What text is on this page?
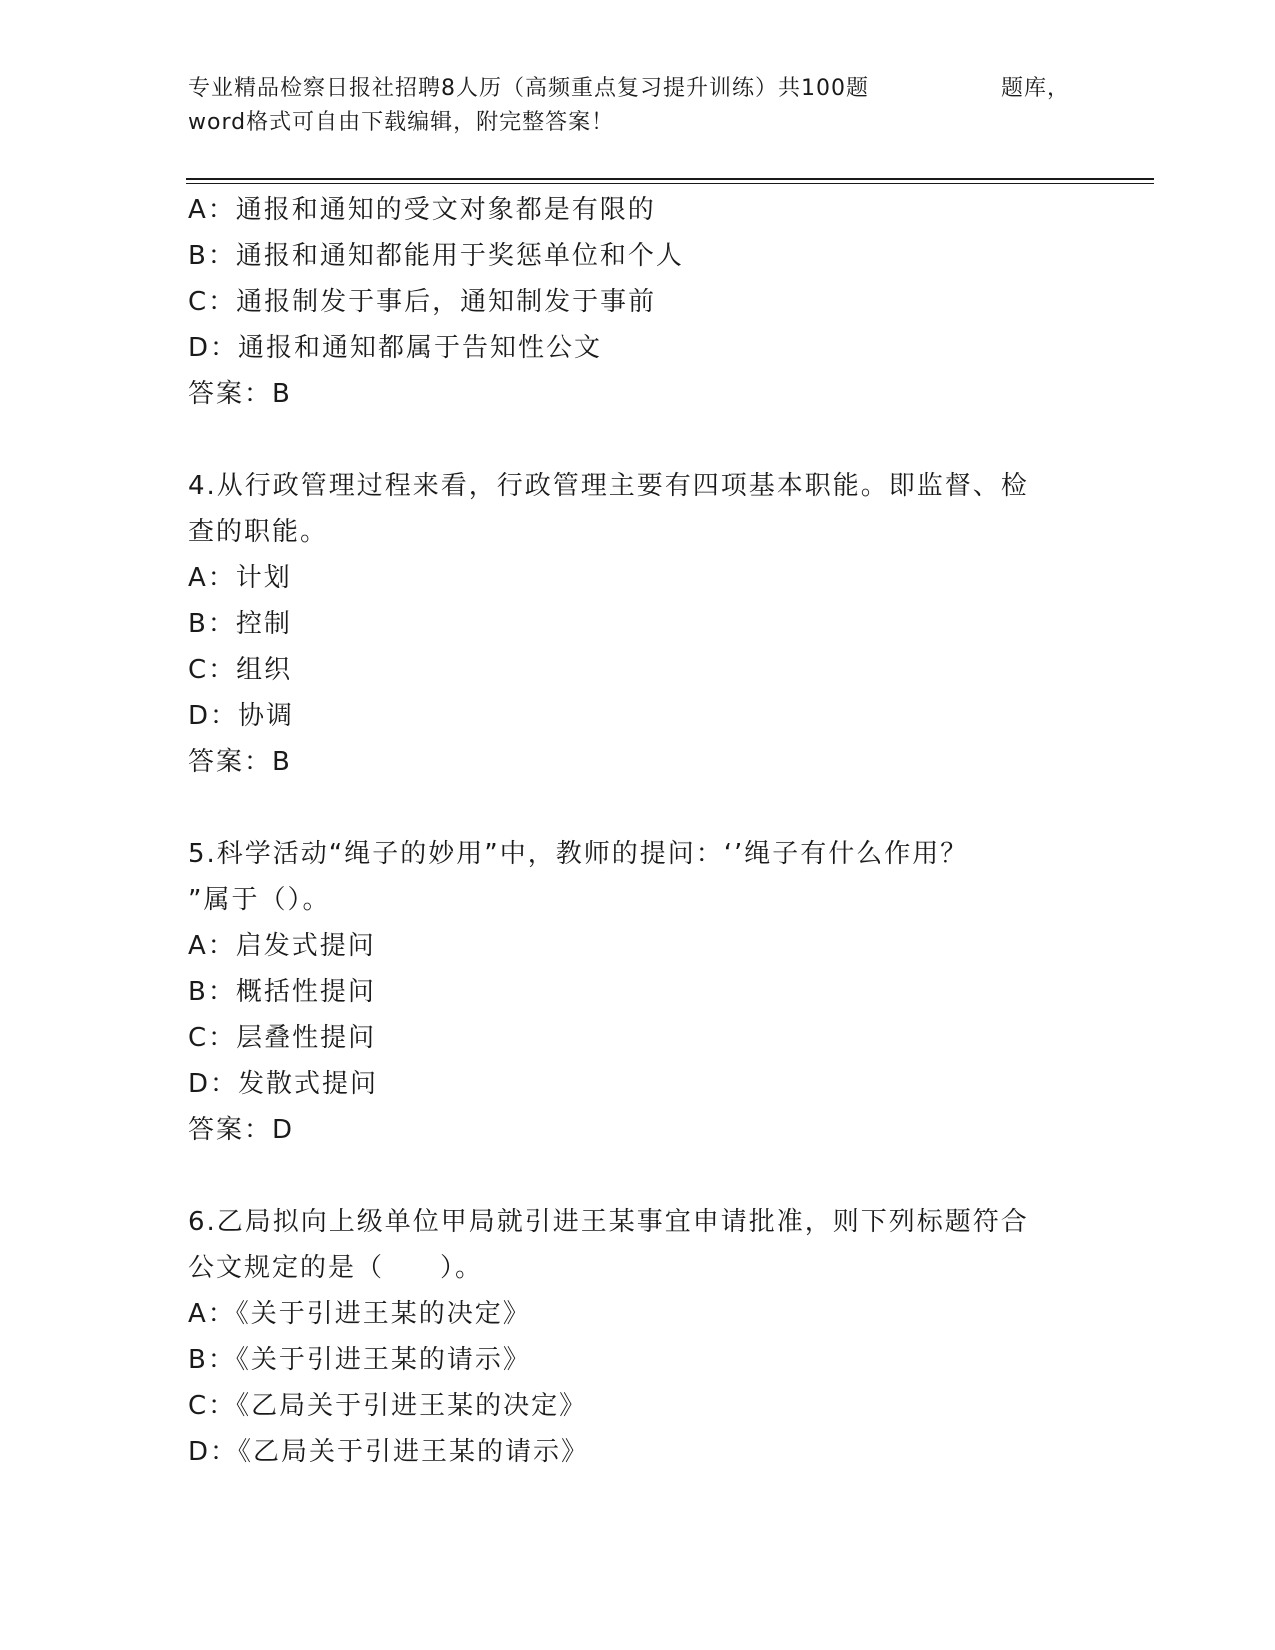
专业精品检察日报社招聘8人历（高频重点复习提升训练）共100题	题库，
word格式可自由下载编辑，附完整答案！
A：通报和通知的受文对象都是有限的
B：通报和通知都能用于奖惩单位和个人
C：通报制发于事后，通知制发于事前
D：通报和通知都属于告知性公文
答案：B
4.从行政管理过程来看，行政管理主要有四项基本职能。即监督、检
查的职能。
A：计划
B：控制
C：组织
D：协调
答案：B
5.科学活动“绳子的妙用”中，教师的提问：‘’绳子有什么作用？
”属于（）。
A：启发式提问
B：概括性提问
C：层叠性提问
D：发散式提问
答案：D
6.乙局拟向上级单位甲局就引进王某事宜申请批准，则下列标题符合
公文规定的是（　　）。
A：《关于引进王某的决定》
B：《关于引进王某的请示》
C：《乙局关于引进王某的决定》
D：《乙局关于引进王某的请示》
